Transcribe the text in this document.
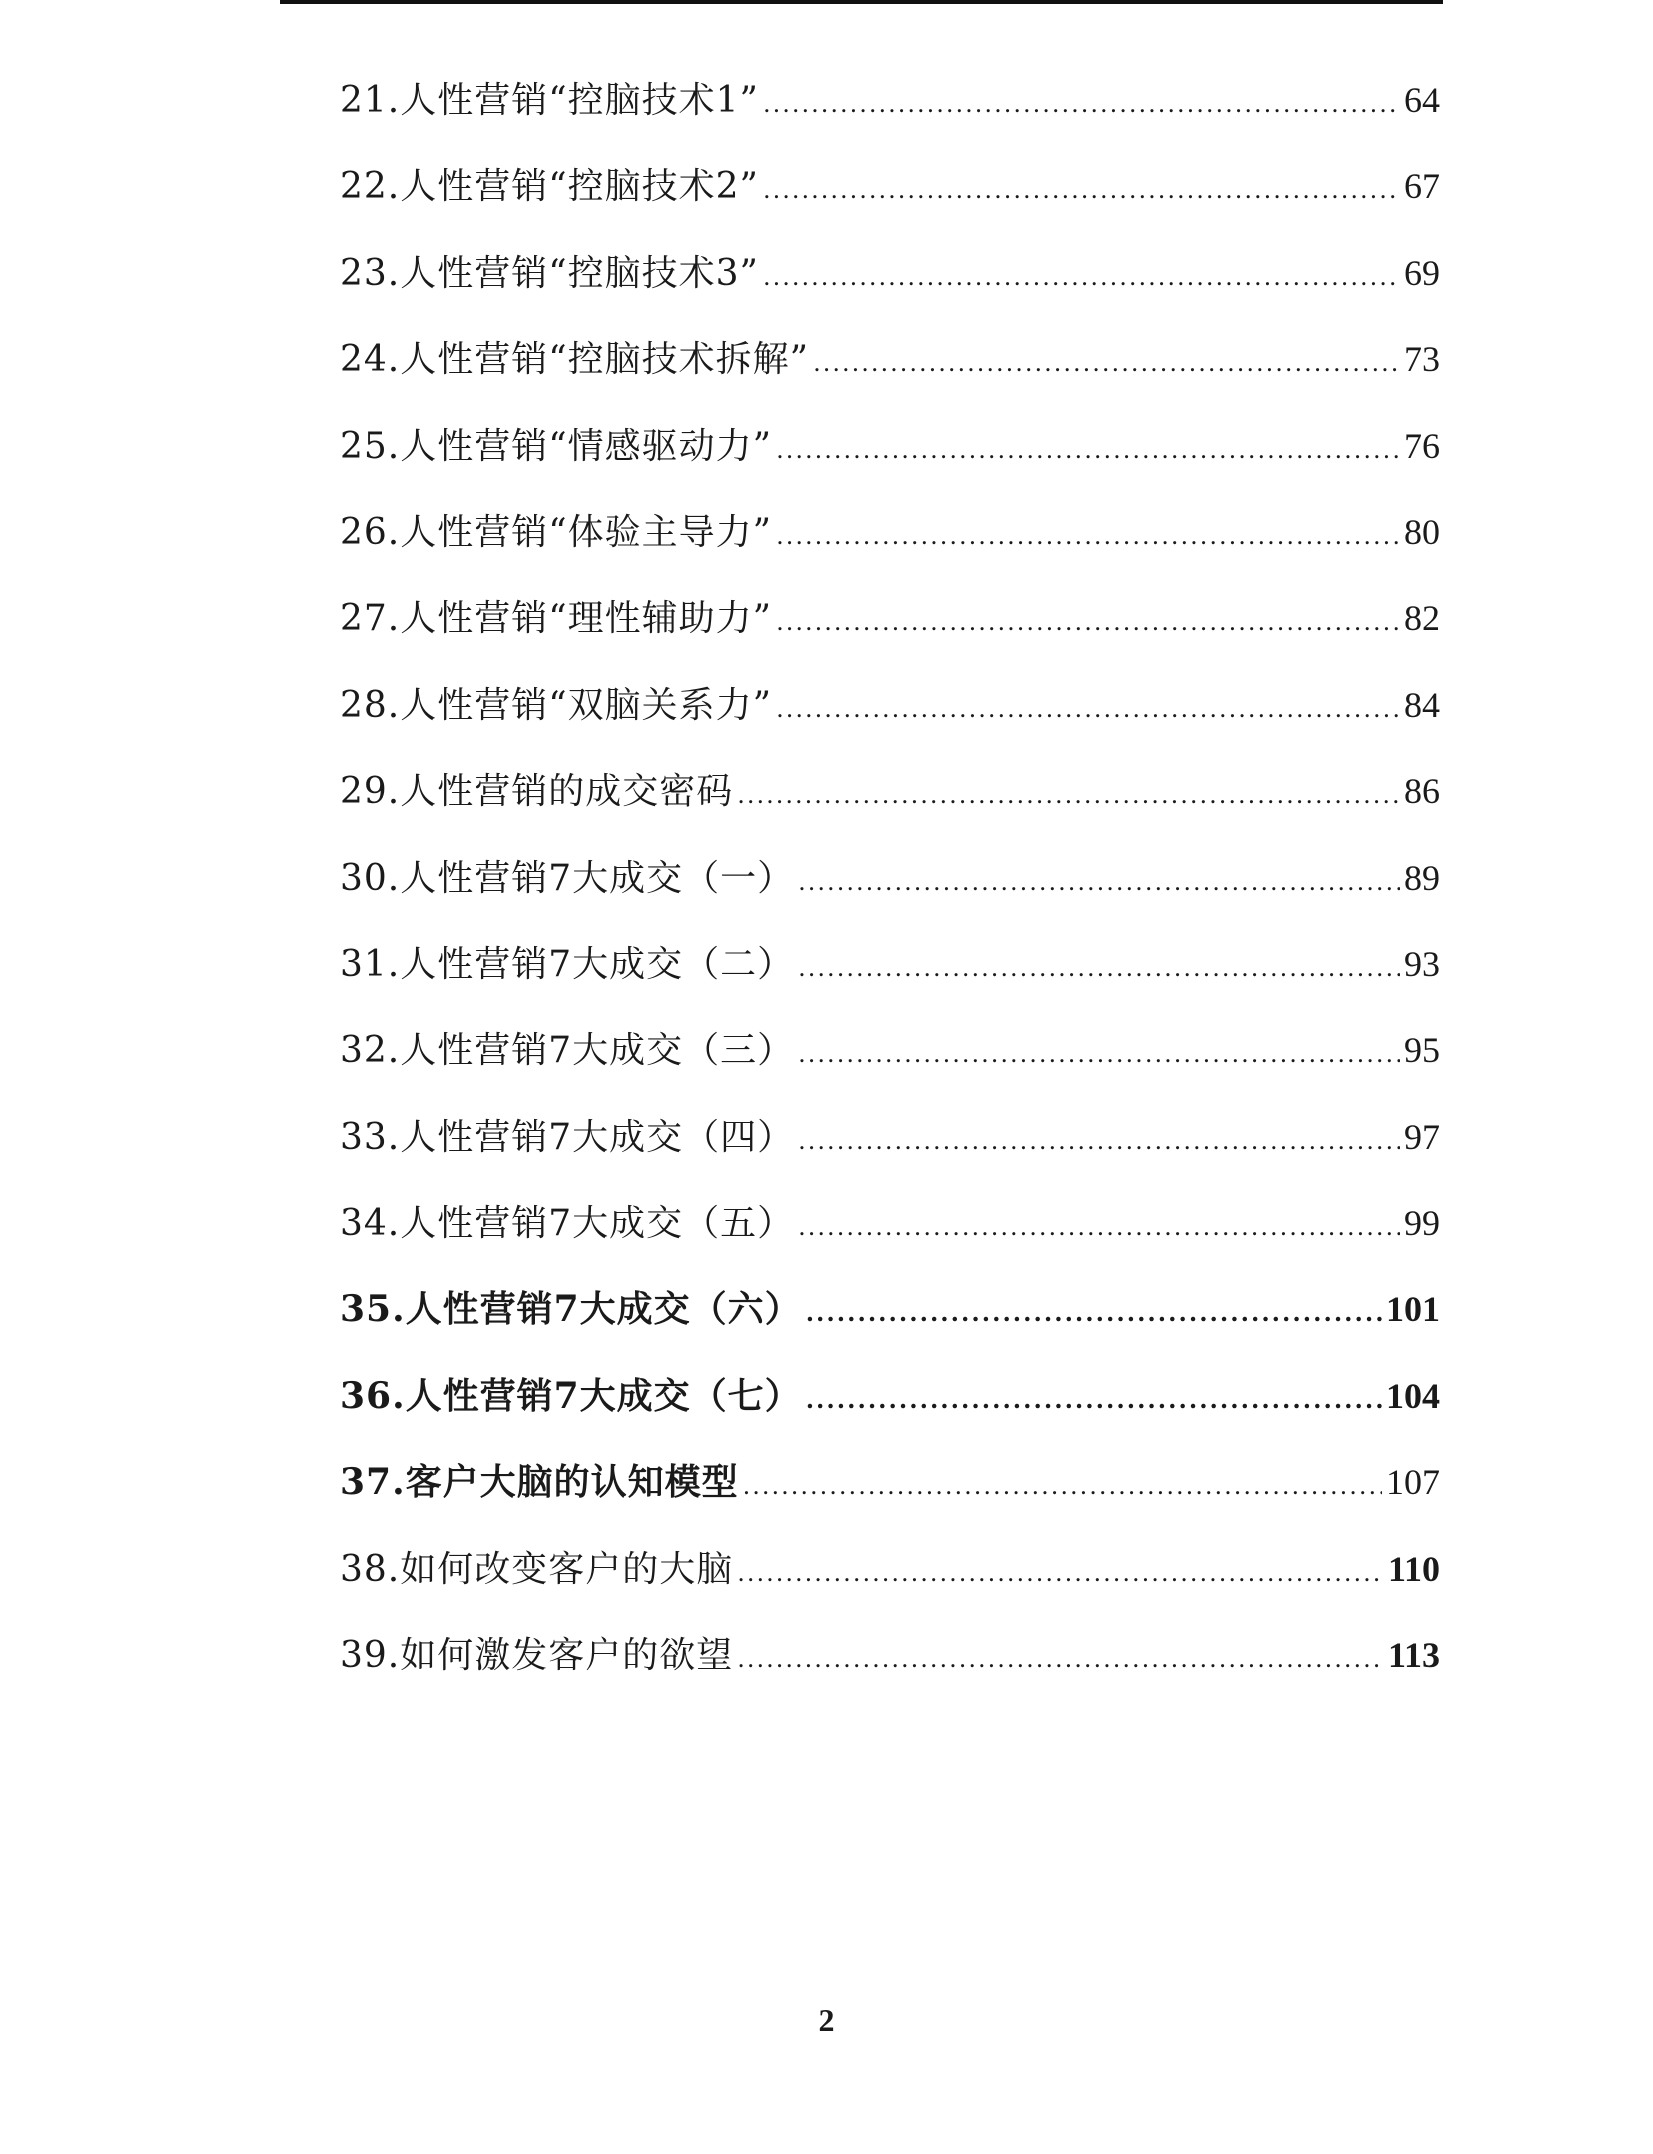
21.人性营销“控脑技术1” .....	64
22.人性营销“控脑技术2” .....	67
23.人性营销“控脑技术3” .....	69
24.人性营销“控脑技术拆解” .....	73
25.人性营销“情感驱动力” .....	76
26.人性营销“体验主导力” .....	80
27.人性营销“理性辅助力” .....	82
28.人性营销“双脑关系力” .....	84
29.人性营销的成交密码 .....	86
30.人性营销7大成交（一） .....	89
31.人性营销7大成交（二） .....	93
32.人性营销7大成交（三） .....	95
33.人性营销7大成交（四） .....	97
34.人性营销7大成交（五） .....	99
35.人性营销7大成交（六） .....	101
36.人性营销7大成交（七） .....	104
37.客户大脑的认知模型 .....	107
38.如何改变客户的大脑 .....	110
39.如何激发客户的欲望 .....	113
2
